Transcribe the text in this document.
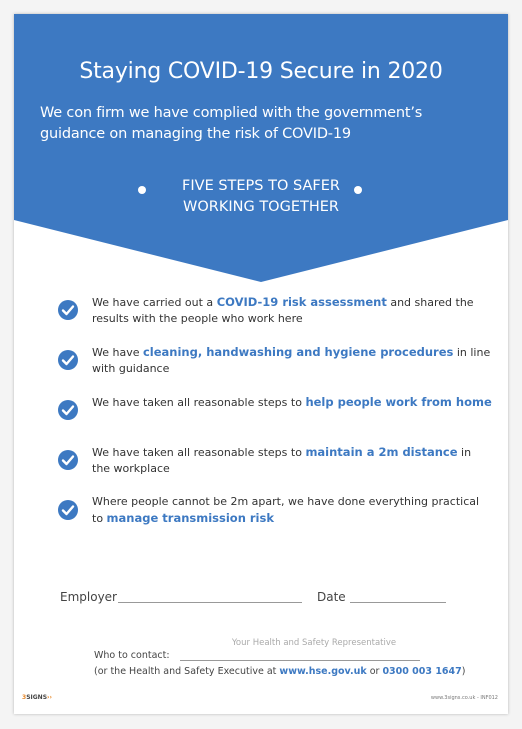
Staying COVID-19 Secure in 2020
We con firm we have complied with the government’s guidance on managing the risk of COVID-19
FIVE STEPS TO SAFER
WORKING TOGETHER
We have carried out a COVID-19 risk assessment and shared the results with the people who work here
We have cleaning, handwashing and hygiene procedures in line with guidance
We have taken all reasonable steps to help people work from home
We have taken all reasonable steps to maintain a 2m distance in the workplace
Where people cannot be 2m apart, we have done everything practical to manage transmission risk
Employer	Date
Who to contact:
Your Health and Safety Representative
(or the Health and Safety Executive at www.hse.gov.uk or 0300 003 1647)
3SIGNS››	www.3signs.co.uk - INF012
